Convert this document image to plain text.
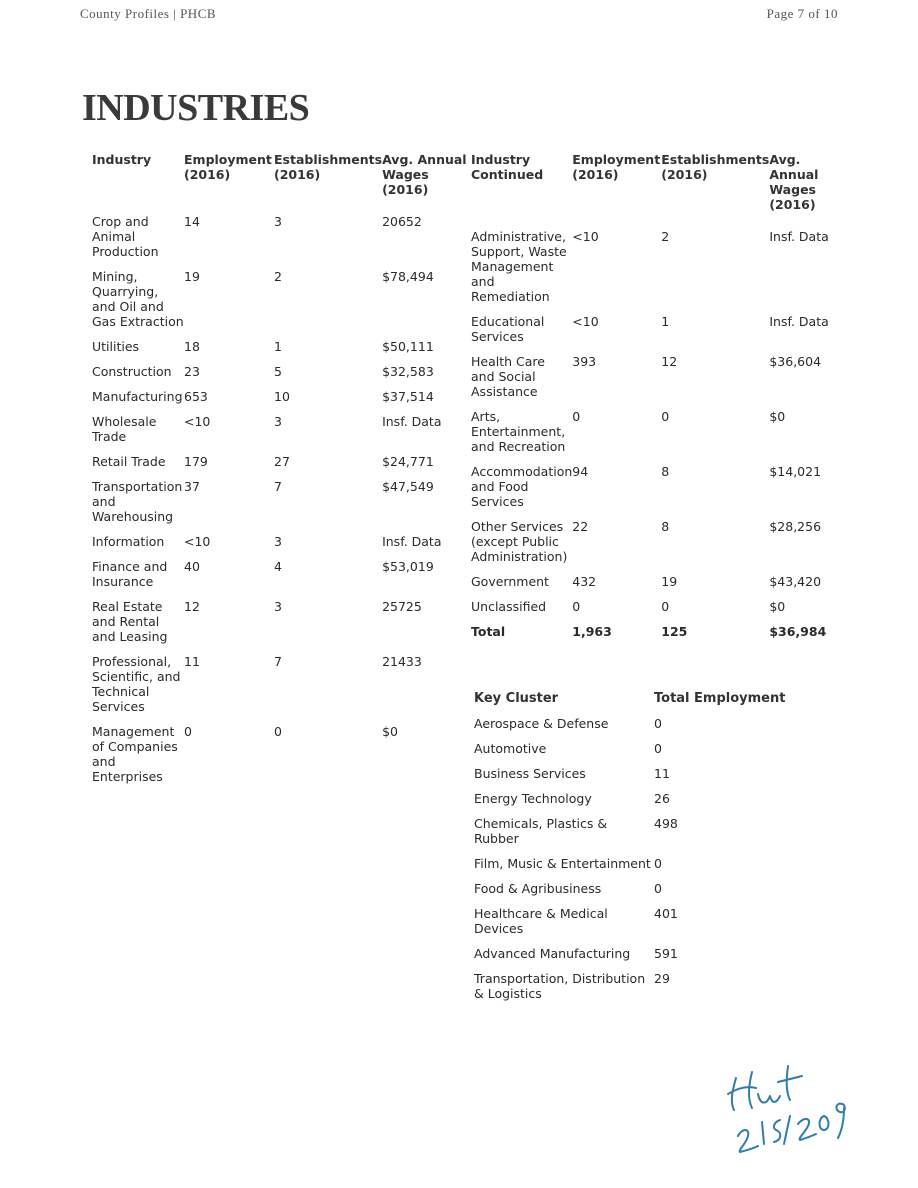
County Profiles | PHCB	Page 7 of 10
INDUSTRIES
Industry	Employment (2016)	Establishments (2016)	Avg. Annual Wages (2016)
Crop and Animal Production	14	3	20652
Mining, Quarrying, and Oil and Gas Extraction	19	2	$78,494
Utilities	18	1	$50,111
Construction	23	5	$32,583
Manufacturing	653	10	$37,514
Wholesale Trade	<10	3	Insf. Data
Retail Trade	179	27	$24,771
Transportation and Warehousing	37	7	$47,549
Information	<10	3	Insf. Data
Finance and Insurance	40	4	$53,019
Real Estate and Rental and Leasing	12	3	25725
Professional, Scientific, and Technical Services	11	7	21433
Management of Companies and Enterprises	0	0	$0
Industry Continued	Employment (2016)	Establishments (2016)	Avg. Annual Wages (2016)
Administrative, Support, Waste Management and Remediation	<10	2	Insf. Data
Educational Services	<10	1	Insf. Data
Health Care and Social Assistance	393	12	$36,604
Arts, Entertainment, and Recreation	0	0	$0
Accommodation and Food Services	94	8	$14,021
Other Services (except Public Administration)	22	8	$28,256
Government	432	19	$43,420
Unclassified	0	0	$0
Total	1,963	125	$36,984
Key Cluster	Total Employment
Aerospace & Defense	0
Automotive	0
Business Services	11
Energy Technology	26
Chemicals, Plastics & Rubber	498
Film, Music & Entertainment	0
Food & Agribusiness	0
Healthcare & Medical Devices	401
Advanced Manufacturing	591
Transportation, Distribution & Logistics	29
